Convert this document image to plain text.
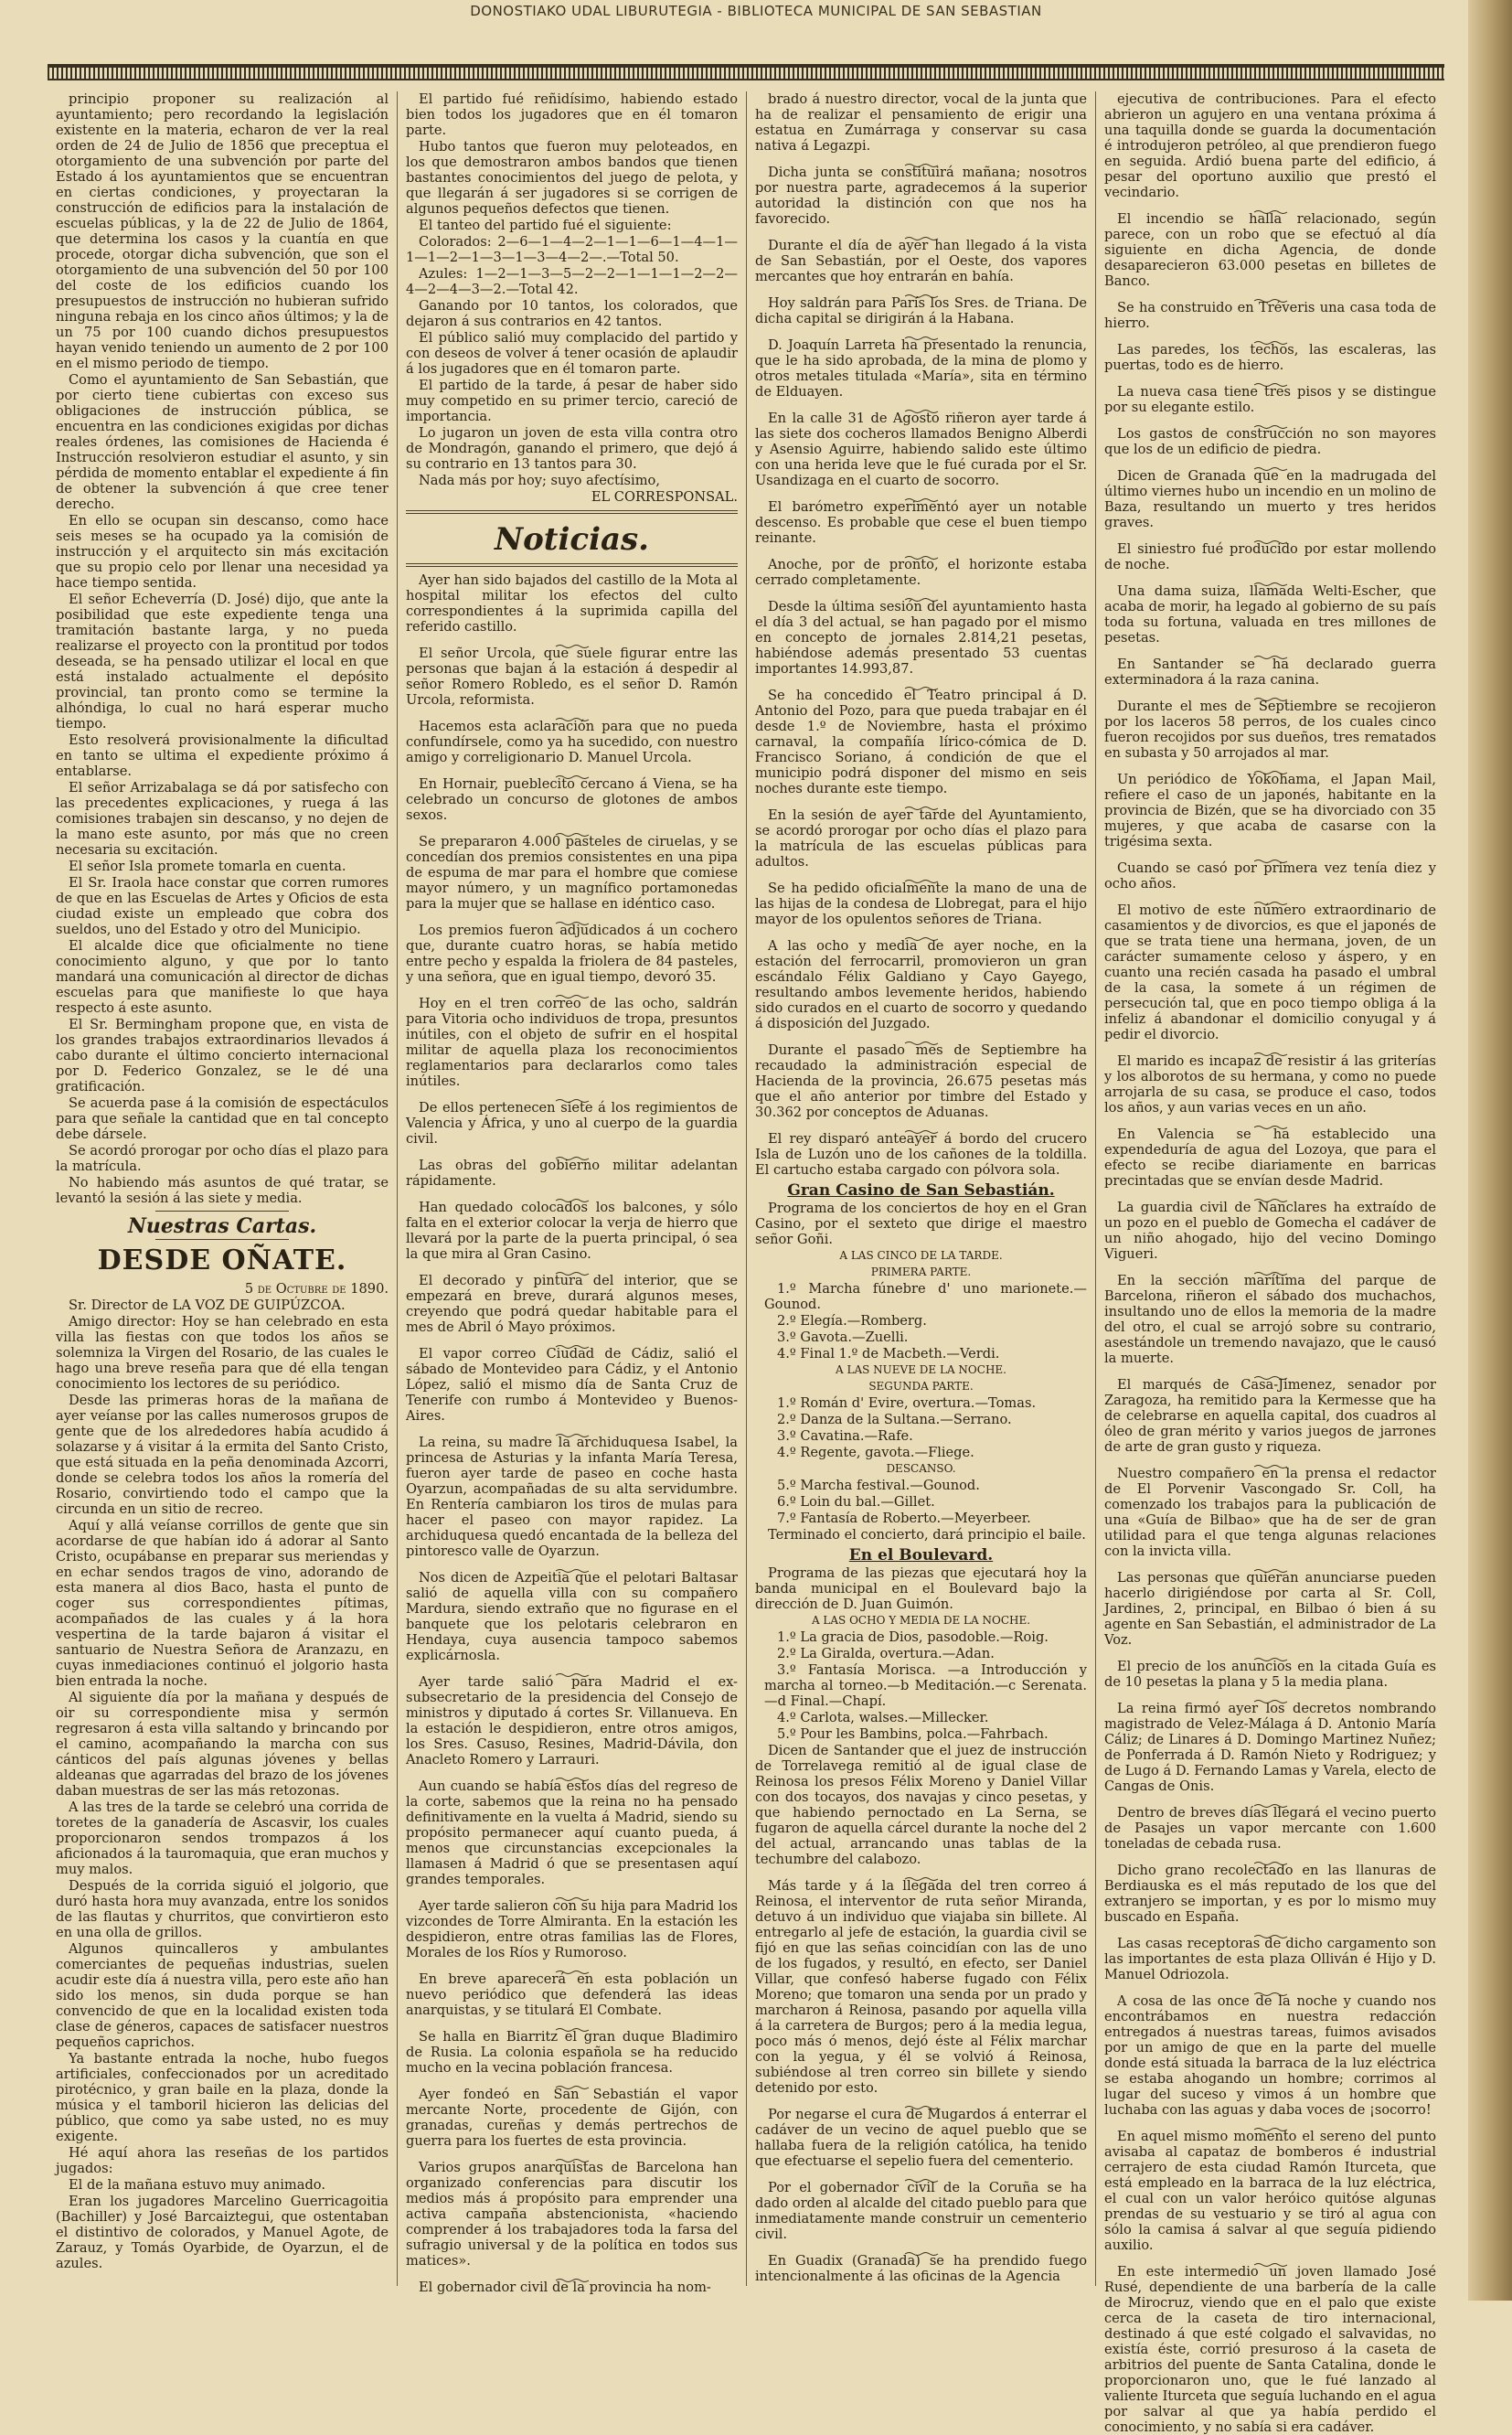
DONOSTIAKO UDAL LIBURUTEGIA - BIBLIOTECA MUNICIPAL DE SAN SEBASTIAN

principio proponer su realización al ayuntamiento; pero recordando la legislación existente en la materia, echaron de ver la real orden de 24 de Julio de 1856 que preceptua el otorgamiento de una subvención por parte del Estado á los ayuntamientos que se encuentran en ciertas condiciones, y proyectaran la construcción de edificios para la instalación de escuelas públicas, y la de 22 de Julio de 1864, que determina los casos y la cuantía en que procede, otorgar dicha subvención, que son el otorgamiento de una subvención del 50 por 100 del coste de los edificios cuando los presupuestos de instrucción no hubieran sufrido ninguna rebaja en los cinco años últimos; y la de un 75 por 100 cuando dichos presupuestos hayan venido teniendo un aumento de 2 por 100 en el mismo periodo de tiempo.

Como el ayuntamiento de San Sebastián, que por cierto tiene cubiertas con exceso sus obligaciones de instrucción pública, se encuentra en las condiciones exigidas por dichas reales órdenes, las comisiones de Hacienda é Instrucción resolvieron estudiar el asunto, y sin pérdida de momento entablar el expediente á fin de obtener la subvención á que cree tener derecho.

En ello se ocupan sin descanso, como hace seis meses se ha ocupado ya la comisión de instrucción y el arquitecto sin más excitación que su propio celo por llenar una necesidad ya hace tiempo sentida.

El señor Echeverría (D. José) dijo, que ante la posibilidad que este expediente tenga una tramitación bastante larga, y no pueda realizarse el proyecto con la prontitud por todos deseada, se ha pensado utilizar el local en que está instalado actualmente el depósito provincial, tan pronto como se termine la alhóndiga, lo cual no hará esperar mucho tiempo.

Esto resolverá provisionalmente la dificultad en tanto se ultima el expediente próximo á entablarse.

El señor Arrizabalaga se dá por satisfecho con las precedentes explicaciones, y ruega á las comisiones trabajen sin descanso, y no dejen de la mano este asunto, por más que no creen necesaria su excitación.

El señor Isla promete tomarla en cuenta.

El Sr. Iraola hace constar que corren rumores de que en las Escuelas de Artes y Oficios de esta ciudad existe un empleado que cobra dos sueldos, uno del Estado y otro del Municipio.

El alcalde dice que oficialmente no tiene conocimiento alguno, y que por lo tanto mandará una comunicación al director de dichas escuelas para que manifieste lo que haya respecto á este asunto.

El Sr. Bermingham propone que, en vista de los grandes trabajos extraordinarios llevados á cabo durante el último concierto internacional por D. Federico Gonzalez, se le dé una gratificación.

Se acuerda pase á la comisión de espectáculos para que señale la cantidad que en tal concepto debe dársele.

Se acordó prorogar por ocho días el plazo para la matrícula.

No habiendo más asuntos de qué tratar, se levantó la sesión á las siete y media.

Nuestras Cartas.
DESDE OÑATE.

5 de Octubre de 1890.

Sr. Director de LA VOZ DE GUIPÚZCOA.

Amigo director: Hoy se han celebrado en esta villa las fiestas con que todos los años se solemniza la Virgen del Rosario, de las cuales le hago una breve reseña para que dé ella tengan conocimiento los lectores de su periódico.

Desde las primeras horas de la mañana de ayer veíanse por las calles numerosos grupos de gente que de los alrededores había acudido á solazarse y á visitar á la ermita del Santo Cristo, que está situada en la peña denominada Azcorri, donde se celebra todos los años la romería del Rosario, convirtiendo todo el campo que la circunda en un sitio de recreo.

Aquí y allá veíanse corrillos de gente que sin acordarse de que habían ido á adorar al Santo Cristo, ocupábanse en preparar sus meriendas y en echar sendos tragos de vino, adorando de esta manera al dios Baco, hasta el punto de coger sus correspondientes pítimas, acompañados de las cuales y á la hora vespertina de la tarde bajaron á visitar el santuario de Nuestra Señora de Aranzazu, en cuyas inmediaciones continuó el jolgorio hasta bien entrada la noche.

Al siguiente día por la mañana y después de oir su correspondiente misa y sermón regresaron á esta villa saltando y brincando por el camino, acompañando la marcha con sus cánticos del país algunas jóvenes y bellas aldeanas que agarradas del brazo de los jóvenes daban muestras de ser las más retozonas.

A las tres de la tarde se celebró una corrida de toretes de la ganadería de Ascasvir, los cuales proporcionaron sendos trompazos á los aficionados á la tauromaquia, que eran muchos y muy malos.

Después de la corrida siguió el jolgorio, que duró hasta hora muy avanzada, entre los sonidos de las flautas y churritos, que convirtieron esto en una olla de grillos.

Algunos quincalleros y ambulantes comerciantes de pequeñas industrias, suelen acudir este día á nuestra villa, pero este año han sido los menos, sin duda porque se han convencido de que en la localidad existen toda clase de géneros, capaces de satisfacer nuestros pequeños caprichos.

Ya bastante entrada la noche, hubo fuegos artificiales, confeccionados por un acreditado pirotécnico, y gran baile en la plaza, donde la música y el tamboril hicieron las delicias del público, que como ya sabe usted, no es muy exigente.

Hé aquí ahora las reseñas de los partidos jugados:

El de la mañana estuvo muy animado.

Eran los jugadores Marcelino Guerricagoitia (Bachiller) y José Barcaiztegui, que ostentaban el distintivo de colorados, y Manuel Agote, de Zarauz, y Tomás Oyarbide, de Oyarzun, el de azules.

El partido fué reñidísimo, habiendo estado bien todos los jugadores que en él tomaron parte.

Hubo tantos que fueron muy peloteados, en los que demostraron ambos bandos que tienen bastantes conocimientos del juego de pelota, y que llegarán á ser jugadores si se corrigen de algunos pequeños defectos que tienen.

El tanteo del partido fué el siguiente:

Colorados: 2—6—1—4—2—1—1—6—1—4—1—1—1—2—1—3—1—3—4—2—.—Total 50.

Azules: 1—2—1—3—5—2—2—1—1—1—2—2—4—2—4—3—2.—Total 42.

Ganando por 10 tantos, los colorados, que dejaron á sus contrarios en 42 tantos.

El público salió muy complacido del partido y con deseos de volver á tener ocasión de aplaudir á los jugadores que en él tomaron parte.

El partido de la tarde, á pesar de haber sido muy competido en su primer tercio, careció de importancia.

Lo jugaron un joven de esta villa contra otro de Mondragón, ganando el primero, que dejó á su contrario en 13 tantos para 30.

Nada más por hoy; suyo afectísimo,

EL CORRESPONSAL.

Noticias.

Ayer han sido bajados del castillo de la Mota al hospital militar los efectos del culto correspondientes á la suprimida capilla del referido castillo.

El señor Urcola, que suele figurar entre las personas que bajan á la estación á despedir al señor Romero Robledo, es el señor D. Ramón Urcola, reformista.

Hacemos esta aclaración para que no pueda confundírsele, como ya ha sucedido, con nuestro amigo y correligionario D. Manuel Urcola.

En Hornair, pueblecito cercano á Viena, se ha celebrado un concurso de glotones de ambos sexos.

Se prepararon 4.000 pasteles de ciruelas, y se concedían dos premios consistentes en una pipa de espuma de mar para el hombre que comiese mayor número, y un magnífico portamonedas para la mujer que se hallase en idéntico caso.

Los premios fueron adjudicados á un cochero que, durante cuatro horas, se había metido entre pecho y espalda la friolera de 84 pasteles, y una señora, que en igual tiempo, devoró 35.

Hoy en el tren correo de las ocho, saldrán para Vitoria ocho individuos de tropa, presuntos inútiles, con el objeto de sufrir en el hospital militar de aquella plaza los reconocimientos reglamentarios para declararlos como tales inútiles.

De ellos pertenecen siete á los regimientos de Valencia y África, y uno al cuerpo de la guardia civil.

Las obras del gobierno militar adelantan rápidamente.

Han quedado colocados los balcones, y sólo falta en el exterior colocar la verja de hierro que llevará por la parte de la puerta principal, ó sea la que mira al Gran Casino.

El decorado y pintura del interior, que se empezará en breve, durará algunos meses, creyendo que podrá quedar habitable para el mes de Abril ó Mayo próximos.

El vapor correo Ciudad de Cádiz, salió el sábado de Montevideo para Cádiz, y el Antonio López, salió el mismo día de Santa Cruz de Tenerife con rumbo á Montevideo y Buenos-Aires.

La reina, su madre la archiduquesa Isabel, la princesa de Asturias y la infanta María Teresa, fueron ayer tarde de paseo en coche hasta Oyarzun, acompañadas de su alta servidumbre. En Rentería cambiaron los tiros de mulas para hacer el paseo con mayor rapidez. La archiduquesa quedó encantada de la belleza del pintoresco valle de Oyarzun.

Nos dicen de Azpeitia que el pelotari Baltasar salió de aquella villa con su compañero Mardura, siendo extraño que no figurase en el banquete que los pelotaris celebraron en Hendaya, cuya ausencia tampoco sabemos explicárnosla.

Ayer tarde salió para Madrid el ex-subsecretario de la presidencia del Consejo de ministros y diputado á cortes Sr. Villanueva. En la estación le despidieron, entre otros amigos, los Sres. Casuso, Resines, Madrid-Dávila, don Anacleto Romero y Larrauri.

Aun cuando se había estos días del regreso de la corte, sabemos que la reina no ha pensado definitivamente en la vuelta á Madrid, siendo su propósito permanecer aquí cuanto pueda, á menos que circunstancias excepcionales la llamasen á Madrid ó que se presentasen aquí grandes temporales.

Ayer tarde salieron con su hija para Madrid los vizcondes de Torre Almiranta. En la estación les despidieron, entre otras familias las de Flores, Morales de los Ríos y Rumoroso.

En breve aparecerá en esta población un nuevo periódico que defenderá las ideas anarquistas, y se titulará El Combate.

Se halla en Biarritz el gran duque Bladimiro de Rusia. La colonia española se ha reducido mucho en la vecina población francesa.

Ayer fondeó en San Sebastián el vapor mercante Norte, procedente de Gijón, con granadas, cureñas y demás pertrechos de guerra para los fuertes de esta provincia.

Varios grupos anarquistas de Barcelona han organizado conferencias para discutir los medios más á propósito para emprender una activa campaña abstencionista, «haciendo comprender á los trabajadores toda la farsa del sufragio universal y de la política en todos sus matices».

El gobernador civil de la provincia ha nom-

brado á nuestro director, vocal de la junta que ha de realizar el pensamiento de erigir una estatua en Zumárraga y conservar su casa nativa á Legazpi.

Dicha junta se constituirá mañana; nosotros por nuestra parte, agradecemos á la superior autoridad la distinción con que nos ha favorecido.

Durante el día de ayer han llegado á la vista de San Sebastián, por el Oeste, dos vapores mercantes que hoy entrarán en bahía.

Hoy saldrán para París los Sres. de Triana. De dicha capital se dirigirán á la Habana.

D. Joaquín Larreta ha presentado la renuncia, que le ha sido aprobada, de la mina de plomo y otros metales titulada «María», sita en término de Elduayen.

En la calle 31 de Agosto riñeron ayer tarde á las siete dos cocheros llamados Benigno Alberdi y Asensio Aguirre, habiendo salido este último con una herida leve que le fué curada por el Sr. Usandizaga en el cuarto de socorro.

El barómetro experimentó ayer un notable descenso. Es probable que cese el buen tiempo reinante.

Anoche, por de pronto, el horizonte estaba cerrado completamente.

Desde la última sesión del ayuntamiento hasta el día 3 del actual, se han pagado por el mismo en concepto de jornales 2.814,21 pesetas, habiéndose además presentado 53 cuentas importantes 14.993,87.

Se ha concedido el Teatro principal á D. Antonio del Pozo, para que pueda trabajar en él desde 1.º de Noviembre, hasta el próximo carnaval, la compañía lírico-cómica de D. Francisco Soriano, á condición de que el municipio podrá disponer del mismo en seis noches durante este tiempo.

En la sesión de ayer tarde del Ayuntamiento, se acordó prorogar por ocho días el plazo para la matrícula de las escuelas públicas para adultos.

Se ha pedido oficialmente la mano de una de las hijas de la condesa de Llobregat, para el hijo mayor de los opulentos señores de Triana.

A las ocho y media de ayer noche, en la estación del ferrocarril, promovieron un gran escándalo Félix Galdiano y Cayo Gayego, resultando ambos levemente heridos, habiendo sido curados en el cuarto de socorro y quedando á disposición del Juzgado.

Durante el pasado mes de Septiembre ha recaudado la administración especial de Hacienda de la provincia, 26.675 pesetas más que el año anterior por timbre del Estado y 30.362 por conceptos de Aduanas.

El rey disparó anteayer á bordo del crucero Isla de Luzón uno de los cañones de la toldilla. El cartucho estaba cargado con pólvora sola.

Gran Casino de San Sebastián.

Programa de los conciertos de hoy en el Gran Casino, por el sexteto que dirige el maestro señor Goñi.

A LAS CINCO DE LA TARDE.

PRIMERA PARTE.

1.º Marcha fúnebre d' uno marionete.—Gounod.

2.º Elegía.—Romberg.

3.º Gavota.—Zuelli.

4.º Final 1.º de Macbeth.—Verdi.

A LAS NUEVE DE LA NOCHE.

SEGUNDA PARTE.

1.º Román d' Evire, overtura.—Tomas.

2.º Danza de la Sultana.—Serrano.

3.º Cavatina.—Rafe.

4.º Regente, gavota.—Fliege.

DESCANSO.

5.º Marcha festival.—Gounod.

6.º Loin du bal.—Gillet.

7.º Fantasía de Roberto.—Meyerbeer.

Terminado el concierto, dará principio el baile.

En el Boulevard.

Programa de las piezas que ejecutará hoy la banda municipal en el Boulevard bajo la dirección de D. Juan Guimón.

A LAS OCHO Y MEDIA DE LA NOCHE.

1.º La gracia de Dios, pasodoble.—Roig.

2.º La Giralda, overtura.—Adan.

3.º Fantasía Morisca. —a Introducción y marcha al torneo.—b Meditación.—c Serenata.—d Final.—Chapí.

4.º Carlota, walses.—Millecker.

5.º Pour les Bambins, polca.—Fahrbach.

Dicen de Santander que el juez de instrucción de Torrelavega remitió al de igual clase de Reinosa los presos Félix Moreno y Daniel Villar con dos tocayos, dos navajas y cinco pesetas, y que habiendo pernoctado en La Serna, se fugaron de aquella cárcel durante la noche del 2 del actual, arrancando unas tablas de la techumbre del calabozo.

Más tarde y á la llegada del tren correo á Reinosa, el interventor de ruta señor Miranda, detuvo á un individuo que viajaba sin billete. Al entregarlo al jefe de estación, la guardia civil se fijó en que las señas coincidían con las de uno de los fugados, y resultó, en efecto, ser Daniel Villar, que confesó haberse fugado con Félix Moreno; que tomaron una senda por un prado y marcharon á Reinosa, pasando por aquella villa á la carretera de Burgos; pero á la media legua, poco más ó menos, dejó éste al Félix marchar con la yegua, y él se volvió á Reinosa, subiéndose al tren correo sin billete y siendo detenido por esto.

Por negarse el cura de Mugardos á enterrar el cadáver de un vecino de aquel pueblo que se hallaba fuera de la religión católica, ha tenido que efectuarse el sepelio fuera del cementerio.

Por el gobernador civil de la Coruña se ha dado orden al alcalde del citado pueblo para que inmediatamente mande construir un cementerio civil.

En Guadix (Granada) se ha prendido fuego intencionalmente á las oficinas de la Agencia

ejecutiva de contribuciones. Para el efecto abrieron un agujero en una ventana próxima á una taquilla donde se guarda la documentación é introdujeron petróleo, al que prendieron fuego en seguida. Ardió buena parte del edificio, á pesar del oportuno auxilio que prestó el vecindario.

El incendio se halla relacionado, según parece, con un robo que se efectuó al día siguiente en dicha Agencia, de donde desaparecieron 63.000 pesetas en billetes de Banco.

Se ha construido en Tréveris una casa toda de hierro.

Las paredes, los techos, las escaleras, las puertas, todo es de hierro.

La nueva casa tiene tres pisos y se distingue por su elegante estilo.

Los gastos de construcción no son mayores que los de un edificio de piedra.

Dicen de Granada que en la madrugada del último viernes hubo un incendio en un molino de Baza, resultando un muerto y tres heridos graves.

El siniestro fué producido por estar mollendo de noche.

Una dama suiza, llamada Welti-Escher, que acaba de morir, ha legado al gobierno de su país toda su fortuna, valuada en tres millones de pesetas.

En Santander se ha declarado guerra exterminadora á la raza canina.

Durante el mes de Septiembre se recojieron por los laceros 58 perros, de los cuales cinco fueron recojidos por sus dueños, tres rematados en subasta y 50 arrojados al mar.

Un periódico de Yokohama, el Japan Mail, refiere el caso de un japonés, habitante en la provincia de Bizén, que se ha divorciado con 35 mujeres, y que acaba de casarse con la trigésima sexta.

Cuando se casó por primera vez tenía diez y ocho años.

El motivo de este número extraordinario de casamientos y de divorcios, es que el japonés de que se trata tiene una hermana, joven, de un carácter sumamente celoso y áspero, y en cuanto una recién casada ha pasado el umbral de la casa, la somete á un régimen de persecución tal, que en poco tiempo obliga á la infeliz á abandonar el domicilio conyugal y á pedir el divorcio.

El marido es incapaz de resistir á las griterías y los alborotos de su hermana, y como no puede arrojarla de su casa, se produce el caso, todos los años, y aun varias veces en un año.

En Valencia se ha establecido una expendeduría de agua del Lozoya, que para el efecto se recibe diariamente en barricas precintadas que se envían desde Madrid.

La guardia civil de Nanclares ha extraído de un pozo en el pueblo de Gomecha el cadáver de un niño ahogado, hijo del vecino Domingo Vigueri.

En la sección marítima del parque de Barcelona, riñeron el sábado dos muchachos, insultando uno de ellos la memoria de la madre del otro, el cual se arrojó sobre su contrario, asestándole un tremendo navajazo, que le causó la muerte.

El marqués de Casa-Jimenez, senador por Zaragoza, ha remitido para la Kermesse que ha de celebrarse en aquella capital, dos cuadros al óleo de gran mérito y varios juegos de jarrones de arte de gran gusto y riqueza.

Nuestro compañero en la prensa el redactor de El Porvenir Vascongado Sr. Coll, ha comenzado los trabajos para la publicación de una «Guía de Bilbao» que ha de ser de gran utilidad para el que tenga algunas relaciones con la invicta villa.

Las personas que quieran anunciarse pueden hacerlo dirigiéndose por carta al Sr. Coll, Jardines, 2, principal, en Bilbao ó bien á su agente en San Sebastián, el administrador de La Voz.

El precio de los anuncios en la citada Guía es de 10 pesetas la plana y 5 la media plana.

La reina firmó ayer los decretos nombrando magistrado de Velez-Málaga á D. Antonio María Cáliz; de Linares á D. Domingo Martinez Nuñez; de Ponferrada á D. Ramón Nieto y Rodriguez; y de Lugo á D. Fernando Lamas y Varela, electo de Cangas de Onis.

Dentro de breves días llegará el vecino puerto de Pasajes un vapor mercante con 1.600 toneladas de cebada rusa.

Dicho grano recolectado en las llanuras de Berdiauska es el más reputado de los que del extranjero se importan, y es por lo mismo muy buscado en España.

Las casas receptoras de dicho cargamento son las importantes de esta plaza Olliván é Hijo y D. Manuel Odriozola.

A cosa de las once de la noche y cuando nos encontrábamos en nuestra redacción entregados á nuestras tareas, fuimos avisados por un amigo de que en la parte del muelle donde está situada la barraca de la luz eléctrica se estaba ahogando un hombre; corrimos al lugar del suceso y vimos á un hombre que luchaba con las aguas y daba voces de ¡socorro!

En aquel mismo momento el sereno del punto avisaba al capataz de bomberos é industrial cerrajero de esta ciudad Ramón Iturceta, que está empleado en la barraca de la luz eléctrica, el cual con un valor heróico quitóse algunas prendas de su vestuario y se tiró al agua con sólo la camisa á salvar al que seguía pidiendo auxilio.

En este intermedio un joven llamado José Rusé, dependiente de una barbería de la calle de Mirocruz, viendo que en el palo que existe cerca de la caseta de tiro internacional, destinado á que esté colgado el salvavidas, no existía éste, corrió presuroso á la caseta de arbitrios del puente de Santa Catalina, donde le proporcionaron uno, que le fué lanzado al valiente Iturceta que seguía luchando en el agua por salvar al que ya había perdido el conocimiento, y no sabía si era cadáver.
